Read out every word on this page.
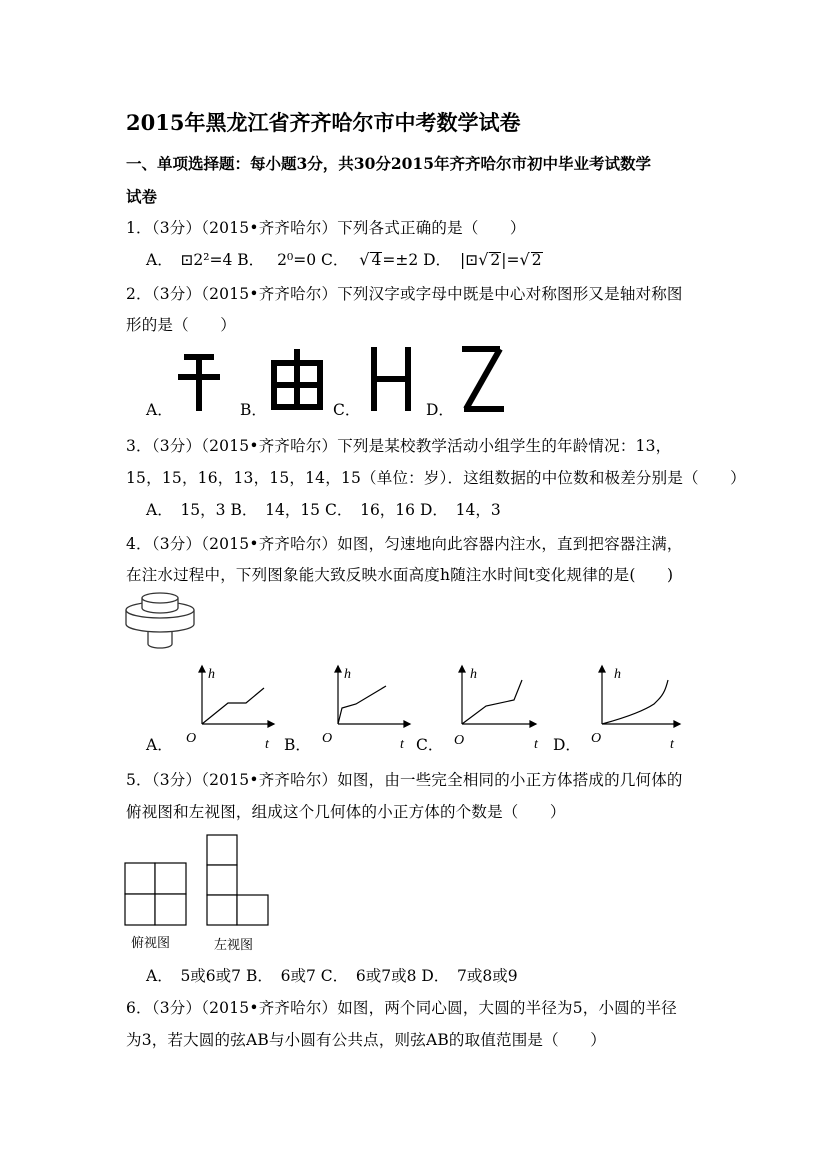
2015年黑龙江省齐齐哈尔市中考数学试卷
一、单项选择题：每小题3分，共30分2015年齐齐哈尔市初中毕业考试数学
试卷
1．（3分）（2015•齐齐哈尔）下列各式正确的是（　　）
A．　⊡2²=4 B． 2⁰=0 C． √ 4=±2 D． |⊡√ 2|=√ 2
2．（3分）（2015•齐齐哈尔）下列汉字或字母中既是中心对称图形又是轴对称图
形的是（　　）
A．	B．	C．	D．
3．（3分）（2015•齐齐哈尔）下列是某校教学活动小组学生的年龄情况：13，
15，15，16，13，15，14，15（单位：岁）．这组数据的中位数和极差分别是（　　）
A．　15，3 B．　14，15 C．　16，16 D．　14，3
4．（3分）（2015•齐齐哈尔）如图，匀速地向此容器内注水，直到把容器注满，
在注水过程中，下列图象能大致反映水面高度h随注水时间t变化规律的是(　　)
A．	B．	C．	D．
h
O	t
h
O	t
h
O	t
h
O	t
5．（3分）（2015•齐齐哈尔）如图，由一些完全相同的小正方体搭成的几何体的
俯视图和左视图，组成这个几何体的小正方体的个数是（　　）
俯视图	左视图
A．　5或6或7 B．　6或7 C．　6或7或8 D．　7或8或9
6．（3分）（2015•齐齐哈尔）如图，两个同心圆，大圆的半径为5，小圆的半径
为3，若大圆的弦AB与小圆有公共点，则弦AB的取值范围是（　　）
